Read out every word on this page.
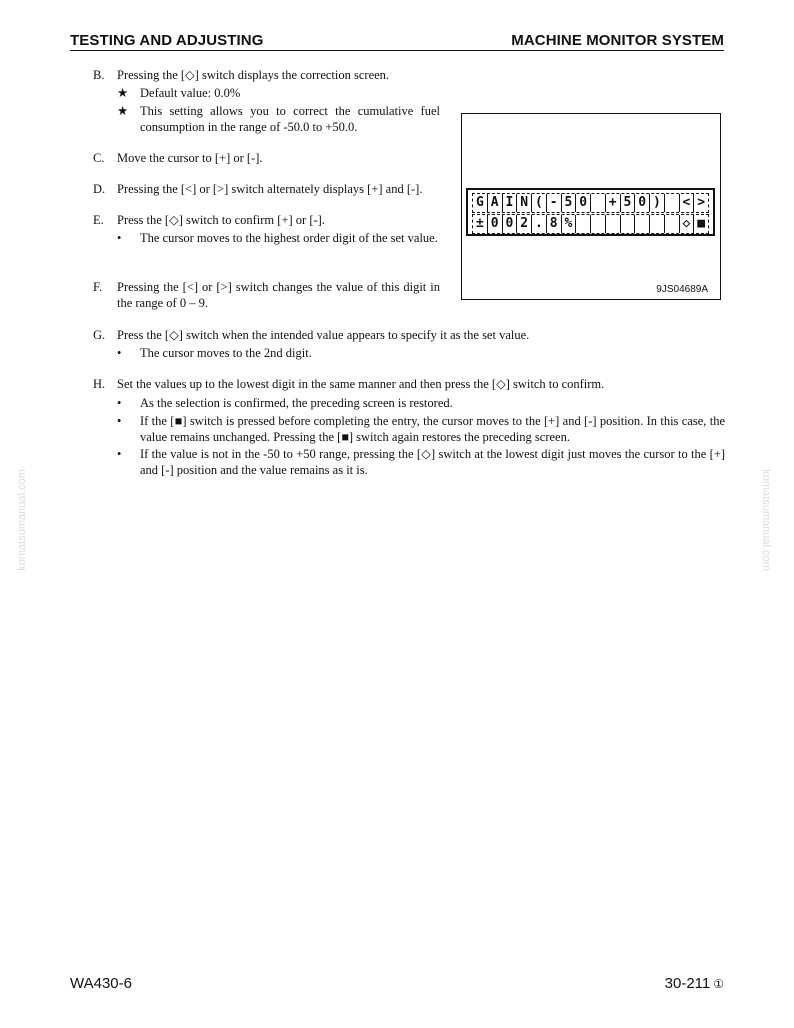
TESTING AND ADJUSTING	MACHINE MONITOR SYSTEM
B.	Pressing the [◇] switch displays the correction screen.
★ Default value: 0.0%
★ This setting allows you to correct the cumulative fuel consumption in the range of -50.0 to +50.0.
C.	Move the cursor to [+] or [-].
D. Pressing the [<] or [>] switch alternately displays [+] and [-].
E.	Press the [◇] switch to confirm [+] or [-].
•	The cursor moves to the highest order digit of the set value.
F.	Pressing the [<] or [>] switch changes the value of this digit in the range of 0 – 9.
G. Press the [◇] switch when the intended value appears to specify it as the set value.
•	The cursor moves to the 2nd digit.
H. Set the values up to the lowest digit in the same manner and then press the [◇] switch to confirm.
•	As the selection is confirmed, the preceding screen is restored.
•	If the [■] switch is pressed before completing the entry, the cursor moves to the [+] and [-] position. In this case, the value remains unchanged. Pressing the [■] switch again restores the preceding screen.
•	If the value is not in the -50 to +50 range, pressing the [◇] switch at the lowest digit just moves the cursor to the [+] and [-] position and the value remains as it is.
G A I N ( - 5 0	+ 5 0 )	< >
± 0 0 2 . 8 %	◇ ■
9JS04689A
komatsumanual.com	komatsumanual.com
WA430-6	30-211 ①
